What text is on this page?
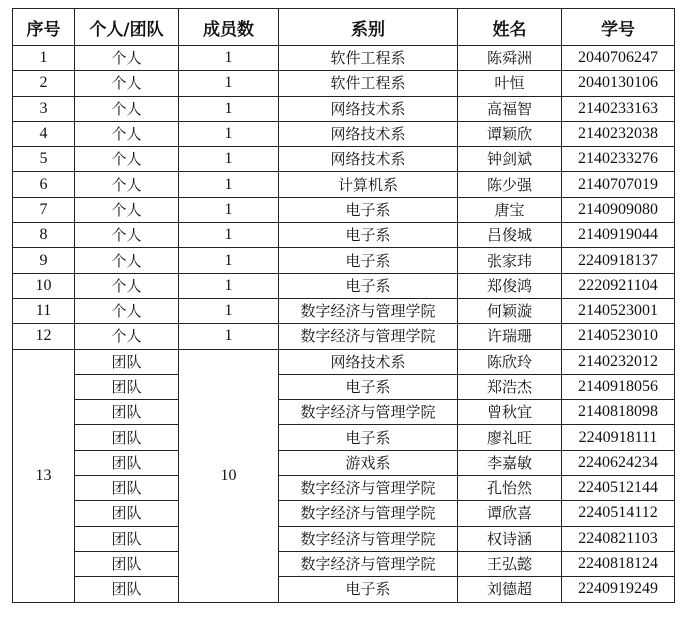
序号	个人/团队	成员数	系别	姓名	学号
1	个人	1	软件工程系	陈舜洲	2040706247
2	个人	1	软件工程系	叶恒	2040130106
3	个人	1	网络技术系	高福智	2140233163
4	个人	1	网络技术系	谭颖欣	2140232038
5	个人	1	网络技术系	钟剑斌	2140233276
6	个人	1	计算机系	陈少强	2140707019
7	个人	1	电子系	唐宝	2140909080
8	个人	1	电子系	吕俊城	2140919044
9	个人	1	电子系	张家玮	2240918137
10	个人	1	电子系	郑俊鸿	2220921104
11	个人	1	数字经济与管理学院	何颖漩	2140523001
12	个人	1	数字经济与管理学院	许瑞珊	2140523010
13	团队	10	网络技术系	陈欣玲	2140232012
	团队		电子系	郑浩杰	2140918056
	团队		数字经济与管理学院	曾秋宜	2140818098
	团队		电子系	廖礼旺	2240918111
	团队		游戏系	李嘉敏	2240624234
	团队		数字经济与管理学院	孔怡然	2240512144
	团队		数字经济与管理学院	谭欣喜	2240514112
	团队		数字经济与管理学院	权诗涵	2240821103
	团队		数字经济与管理学院	王弘懿	2240818124
	团队		电子系	刘德超	2240919249
